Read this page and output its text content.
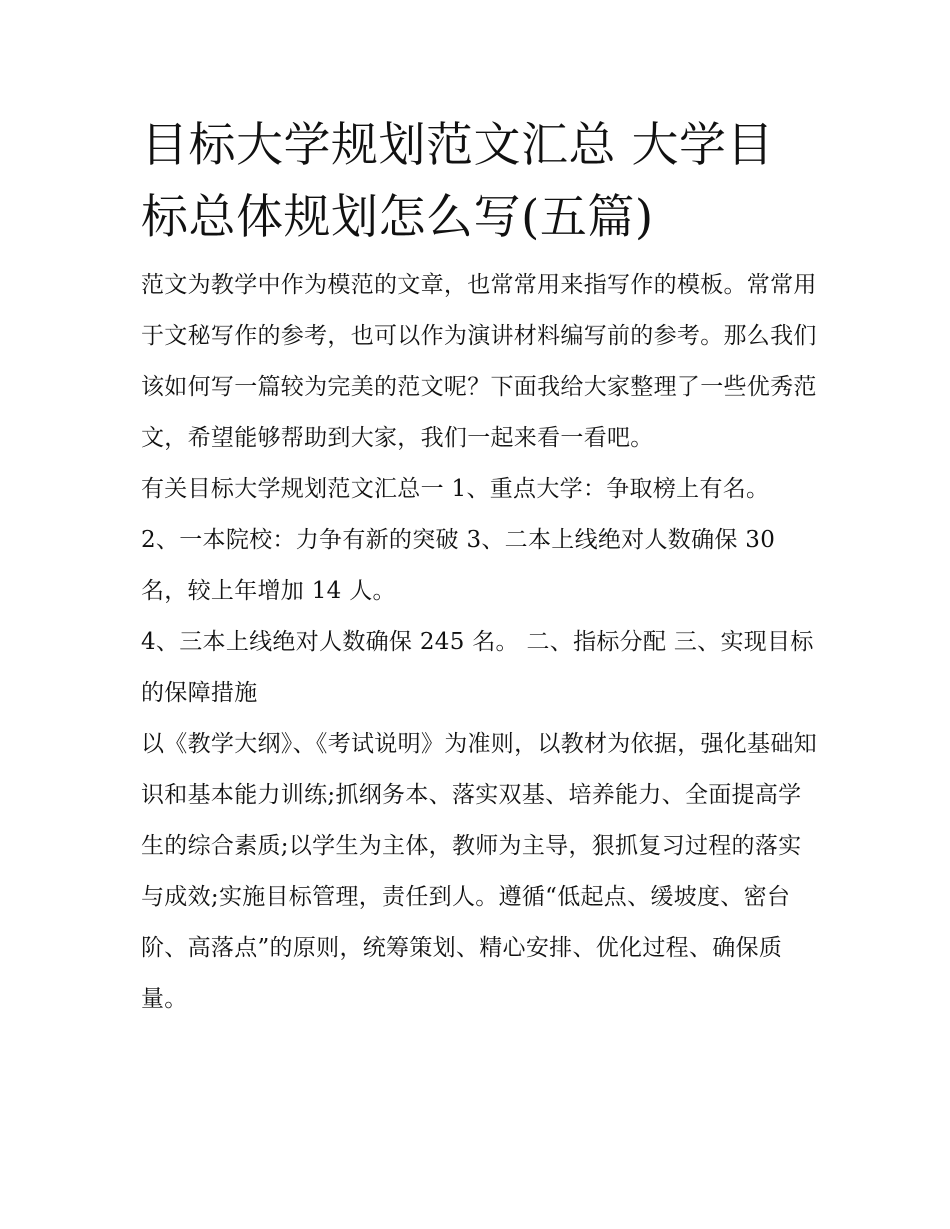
目标大学规划范文汇总 大学目标总体规划怎么写(五篇)

范文为教学中作为模范的文章，也常常用来指写作的模板。常常用于文秘写作的参考，也可以作为演讲材料编写前的参考。那么我们该如何写一篇较为完美的范文呢？下面我给大家整理了一些优秀范文，希望能够帮助到大家，我们一起来看一看吧。

有关目标大学规划范文汇总一 1、重点大学：争取榜上有名。

2、一本院校：力争有新的突破 3、二本上线绝对人数确保 30 名，较上年增加 14 人。

4、三本上线绝对人数确保 245 名。 二、指标分配 三、实现目标的保障措施

以《教学大纲》、《考试说明》为准则，以教材为依据，强化基础知识和基本能力训练;抓纲务本、落实双基、培养能力、全面提高学生的综合素质;以学生为主体，教师为主导，狠抓复习过程的落实与成效;实施目标管理，责任到人。遵循“低起点、缓坡度、密台阶、高落点”的原则，统筹策划、精心安排、优化过程、确保质量。
